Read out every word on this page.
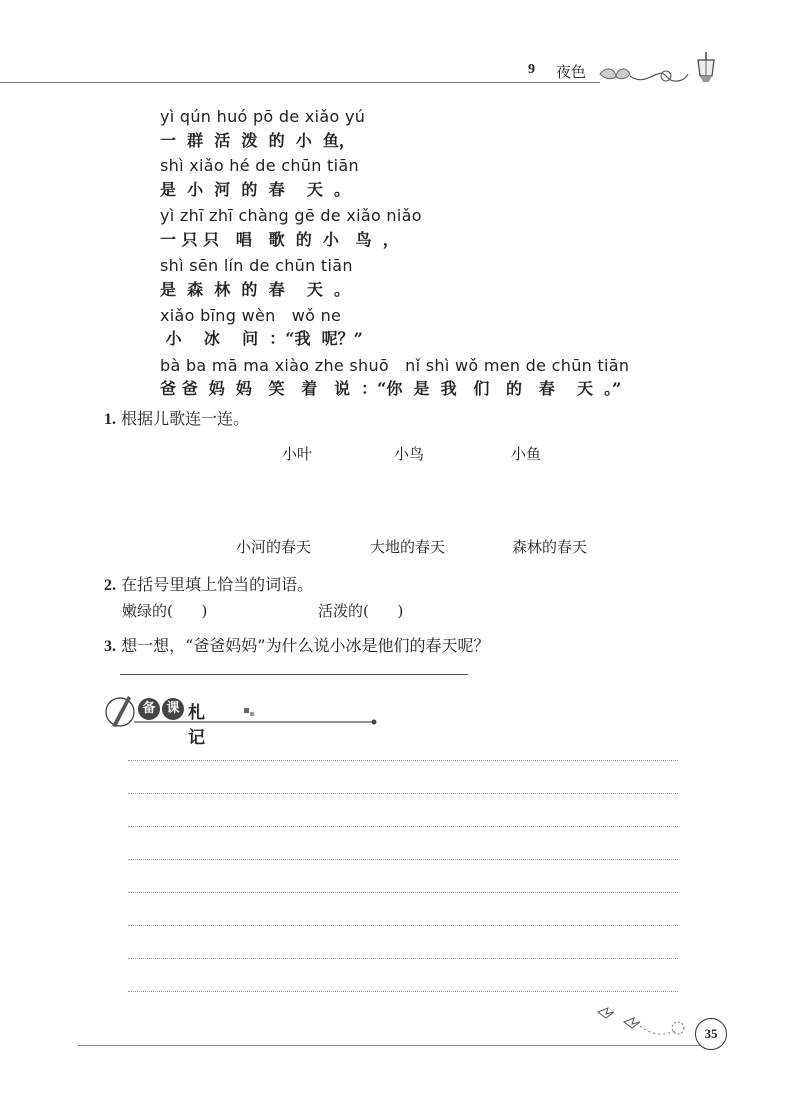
9 夜色
yì qún huó pō de xiǎo yú
一  群  活  泼  的  小  鱼，
shì xiǎo hé de chūn tiān
是  小  河  的  春    天  。
yì zhī zhī chàng gē de xiǎo niǎo
一 只 只   唱   歌  的  小   鸟  ，
shì sēn lín de chūn tiān
是  森  林  的  春    天  。
xiǎo bīng wèn   wǒ ne
小    冰    问  ：“我  呢？”
bà ba mā ma xiào zhe shuō   nǐ shì wǒ men de chūn tiān
爸 爸  妈  妈   笑   着   说  ：“你  是  我   们   的   春    天  。”
1. 根据儿歌连一连。
小叶	小鸟	小鱼
小河的春天	大地的春天	森林的春天
2. 在括号里填上恰当的词语。
嫩绿的(      )	活泼的(      )
3. 想一想，“爸爸妈妈”为什么说小冰是他们的春天呢？
备 课 札记
35
